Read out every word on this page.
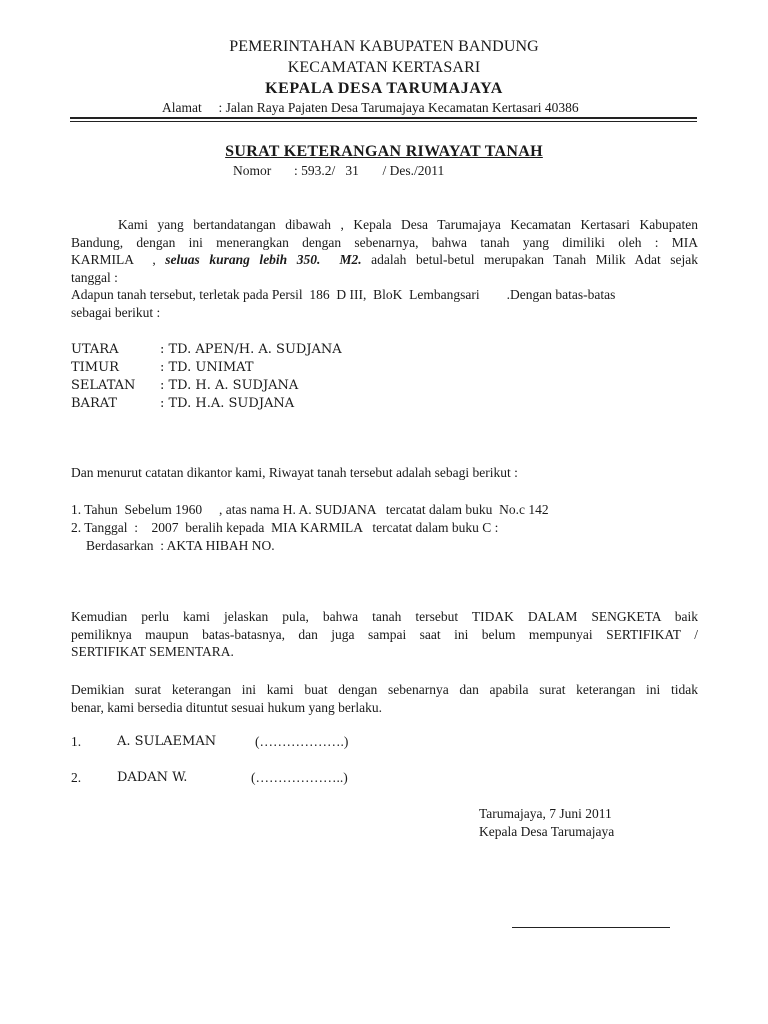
PEMERINTAHAN KABUPATEN BANDUNG
KECAMATAN KERTASARI
KEPALA DESA TARUMAJAYA
Alamat : Jalan Raya Pajaten Desa Tarumajaya Kecamatan Kertasari 40386
SURAT KETERANGAN RIWAYAT TANAH
Nomor : 593.2/   31       / Des./2011
Kami yang bertandatangan dibawah , Kepala Desa Tarumajaya Kecamatan Kertasari Kabupaten
Bandung, dengan ini menerangkan dengan sebenarnya, bahwa tanah yang dimiliki oleh : MIA
KARMILA  , seluas kurang lebih 350.  M2. adalah betul-betul merupakan Tanah Milik Adat sejak
tanggal :
Adapun tanah tersebut, terletak pada Persil  186  D III,  BloK  Lembangsari        .Dengan batas-batas
sebagai berikut :
UTARA	: TD. APEN/H. A. SUDJANA
TIMUR	: TD. UNIMAT
SELATAN	: TD. H. A. SUDJANA
BARAT	: TD. H.A. SUDJANA
Dan menurut catatan dikantor kami, Riwayat tanah tersebut adalah sebagi berikut :
1. Tahun  Sebelum 1960     , atas nama H. A. SUDJANA   tercatat dalam buku  No.c 142
2. Tanggal  :    2007  beralih kepada  MIA KARMILA   tercatat dalam buku C :
Berdasarkan  : AKTA HIBAH NO.
Kemudian perlu kami jelaskan pula, bahwa tanah tersebut TIDAK DALAM SENGKETA baik
pemiliknya maupun batas-batasnya, dan juga sampai saat ini belum mempunyai SERTIFIKAT /
SERTIFIKAT SEMENTARA.
Demikian surat keterangan ini kami buat dengan sebenarnya dan apabila surat keterangan ini tidak
benar, kami bersedia dituntut sesuai hukum yang berlaku.
1.	A. SULAEMAN	(……………….)
2.	DADAN W.	(………………..)
Tarumajaya, 7 Juni 2011
Kepala Desa Tarumajaya
